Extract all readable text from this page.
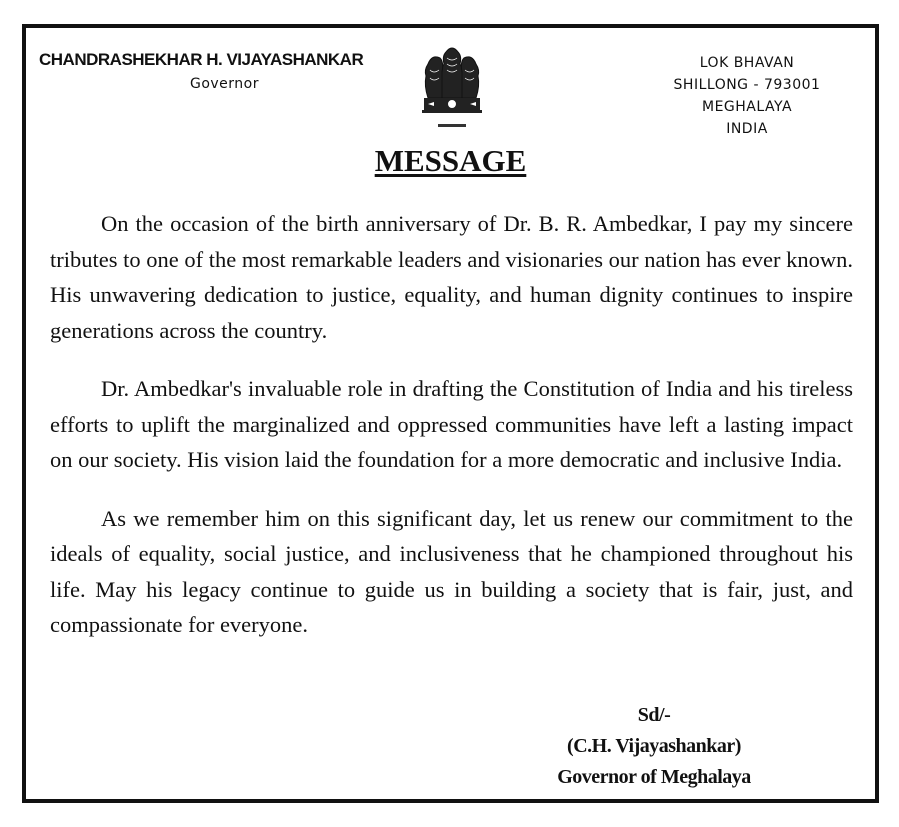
CHANDRASHEKHAR H. VIJAYASHANKAR
Governor
LOK BHAVAN
SHILLONG - 793001
MEGHALAYA
INDIA
MESSAGE

On the occasion of the birth anniversary of Dr. B. R. Ambedkar, I pay my sincere tributes to one of the most remarkable leaders and visionaries our nation has ever known. His unwavering dedication to justice, equality, and human dignity continues to inspire generations across the country.

Dr. Ambedkar's invaluable role in drafting the Constitution of India and his tireless efforts to uplift the marginalized and oppressed communities have left a lasting impact on our society. His vision laid the foundation for a more democratic and inclusive India.

As we remember him on this significant day, let us renew our commitment to the ideals of equality, social justice, and inclusiveness that he championed throughout his life. May his legacy continue to guide us in building a society that is fair, just, and compassionate for everyone.

Sd/-
(C.H. Vijayashankar)
Governor of Meghalaya
